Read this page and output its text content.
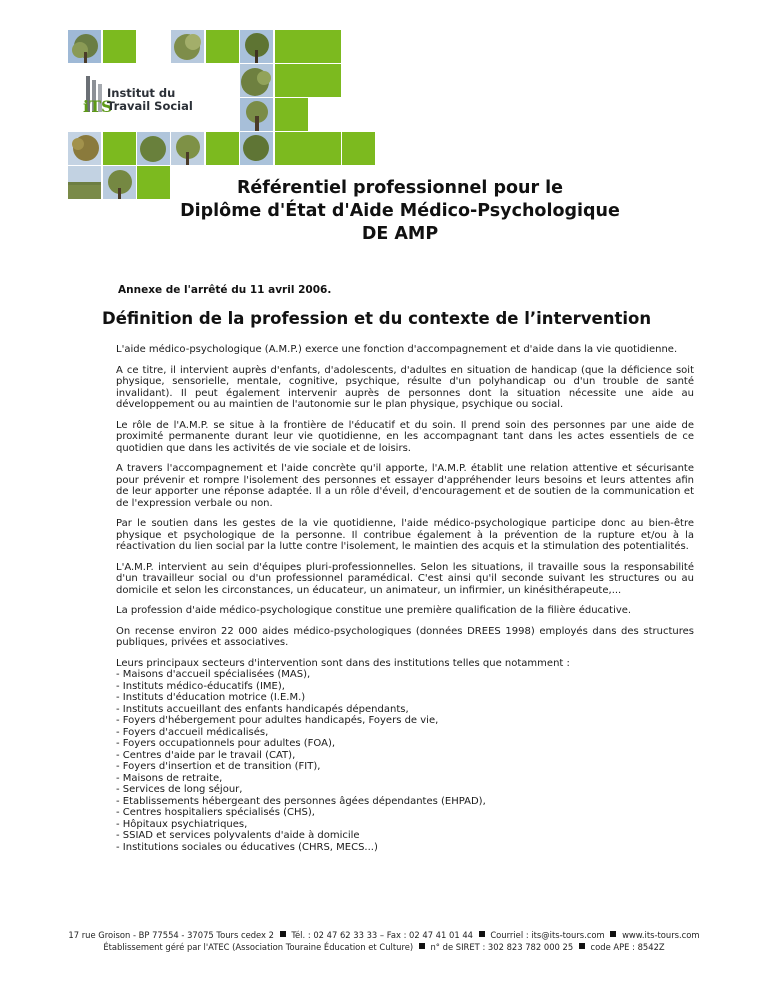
iTS
Institut du
Travail Social
Référentiel professionnel pour le
Diplôme d'État d'Aide Médico-Psychologique
DE AMP
Annexe de l'arrêté du 11 avril 2006.
Définition de la profession et du contexte de l’intervention

L'aide médico-psychologique (A.M.P.) exerce une fonction d'accompagnement et d'aide dans la vie quotidienne.

A ce titre, il intervient auprès d'enfants, d'adolescents, d'adultes en situation de handicap (que la déficience soit physique, sensorielle, mentale, cognitive, psychique, résulte d'un polyhandicap ou d'un trouble de santé invalidant). Il peut également intervenir auprès de personnes dont la situation nécessite une aide au développement ou au maintien de l'autonomie sur le plan physique, psychique ou social.

Le rôle de l'A.M.P. se situe à la frontière de l'éducatif et du soin. Il prend soin des personnes par une aide de proximité permanente durant leur vie quotidienne, en les accompagnant tant dans les actes essentiels de ce quotidien que dans les activités de vie sociale et de loisirs.

A travers l'accompagnement et l'aide concrète qu'il apporte, l'A.M.P. établit une relation attentive et sécurisante pour prévenir et rompre l'isolement des personnes et essayer d'appréhender leurs besoins et leurs attentes afin de leur apporter une réponse adaptée. Il a un rôle d'éveil, d'encouragement et de soutien de la communication et de l'expression verbale ou non.

Par le soutien dans les gestes de la vie quotidienne, l'aide médico-psychologique participe donc au bien-être physique et psychologique de la personne. Il contribue également à la prévention de la rupture et/ou à la réactivation du lien social par la lutte contre l'isolement, le maintien des acquis et la stimulation des potentialités.

L'A.M.P. intervient au sein d'équipes pluri-professionnelles. Selon les situations, il travaille sous la responsabilité d'un travailleur social ou d'un professionnel paramédical. C'est ainsi qu'il seconde suivant les structures ou au domicile et selon les circonstances, un éducateur, un animateur, un infirmier, un kinésithérapeute,...

La profession d'aide médico-psychologique constitue une première qualification de la filière éducative.

On recense environ 22 000 aides médico-psychologiques (données DREES 1998) employés dans des structures publiques, privées et associatives.

Leurs principaux secteurs d'intervention sont dans des institutions telles que notamment :
- Maisons d'accueil spécialisées (MAS),
- Instituts médico-éducatifs (IME),
- Instituts d'éducation motrice (I.E.M.)
- Instituts accueillant des enfants handicapés dépendants,
- Foyers d'hébergement pour adultes handicapés, Foyers de vie,
- Foyers d'accueil médicalisés,
- Foyers occupationnels pour adultes (FOA),
- Centres d'aide par le travail (CAT),
- Foyers d'insertion et de transition (FIT),
- Maisons de retraite,
- Services de long séjour,
- Etablissements hébergeant des personnes âgées dépendantes (EHPAD),
- Centres hospitaliers spécialisés (CHS),
- Hôpitaux psychiatriques,
- SSIAD et services polyvalents d'aide à domicile
- Institutions sociales ou éducatives (CHRS, MECS...)
17 rue Groison - BP 77554 - 37075 Tours cedex 2 Tél. : 02 47 62 33 33 – Fax : 02 47 41 01 44 Courriel : its@its-tours.com www.its-tours.com
Établissement géré par l'ATEC (Association Touraine Éducation et Culture) n° de SIRET : 302 823 782 000 25 code APE : 8542Z
